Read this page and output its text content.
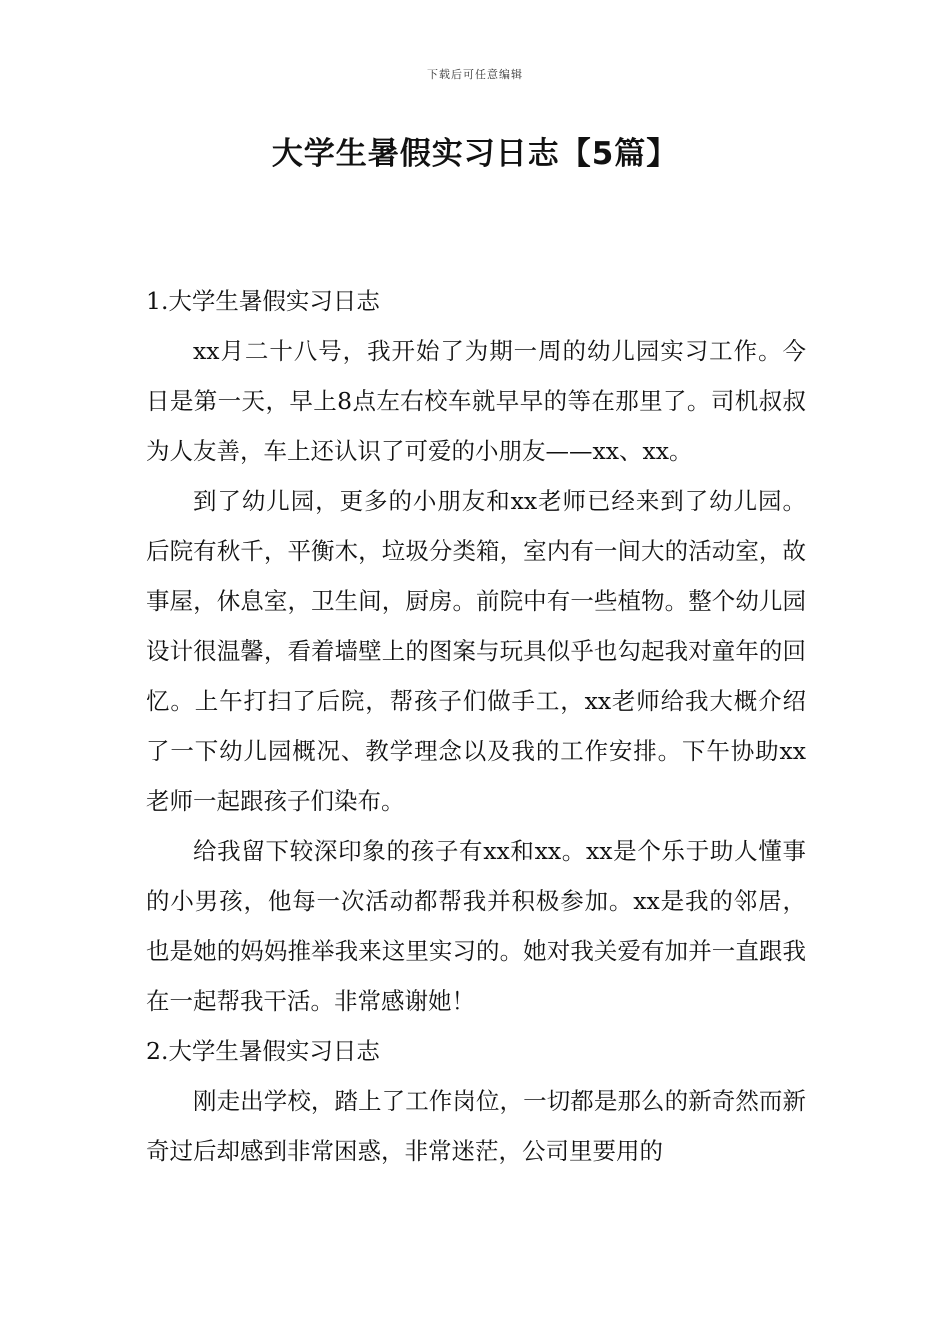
下载后可任意编辑
大学生暑假实习日志【5篇】

1.大学生暑假实习日志

xx月二十八号，我开始了为期一周的幼儿园实习工作。今日是第一天，早上8点左右校车就早早的等在那里了。司机叔叔为人友善，车上还认识了可爱的小朋友——xx、xx。

到了幼儿园，更多的小朋友和xx老师已经来到了幼儿园。后院有秋千，平衡木，垃圾分类箱，室内有一间大的活动室，故事屋，休息室，卫生间，厨房。前院中有一些植物。整个幼儿园设计很温馨，看着墙壁上的图案与玩具似乎也勾起我对童年的回忆。上午打扫了后院，帮孩子们做手工，xx老师给我大概介绍了一下幼儿园概况、教学理念以及我的工作安排。下午协助xx老师一起跟孩子们染布。

给我留下较深印象的孩子有xx和xx。xx是个乐于助人懂事的小男孩，他每一次活动都帮我并积极参加。xx是我的邻居，也是她的妈妈推举我来这里实习的。她对我关爱有加并一直跟我在一起帮我干活。非常感谢她！

2.大学生暑假实习日志

刚走出学校，踏上了工作岗位，一切都是那么的新奇然而新奇过后却感到非常困惑，非常迷茫，公司里要用的
